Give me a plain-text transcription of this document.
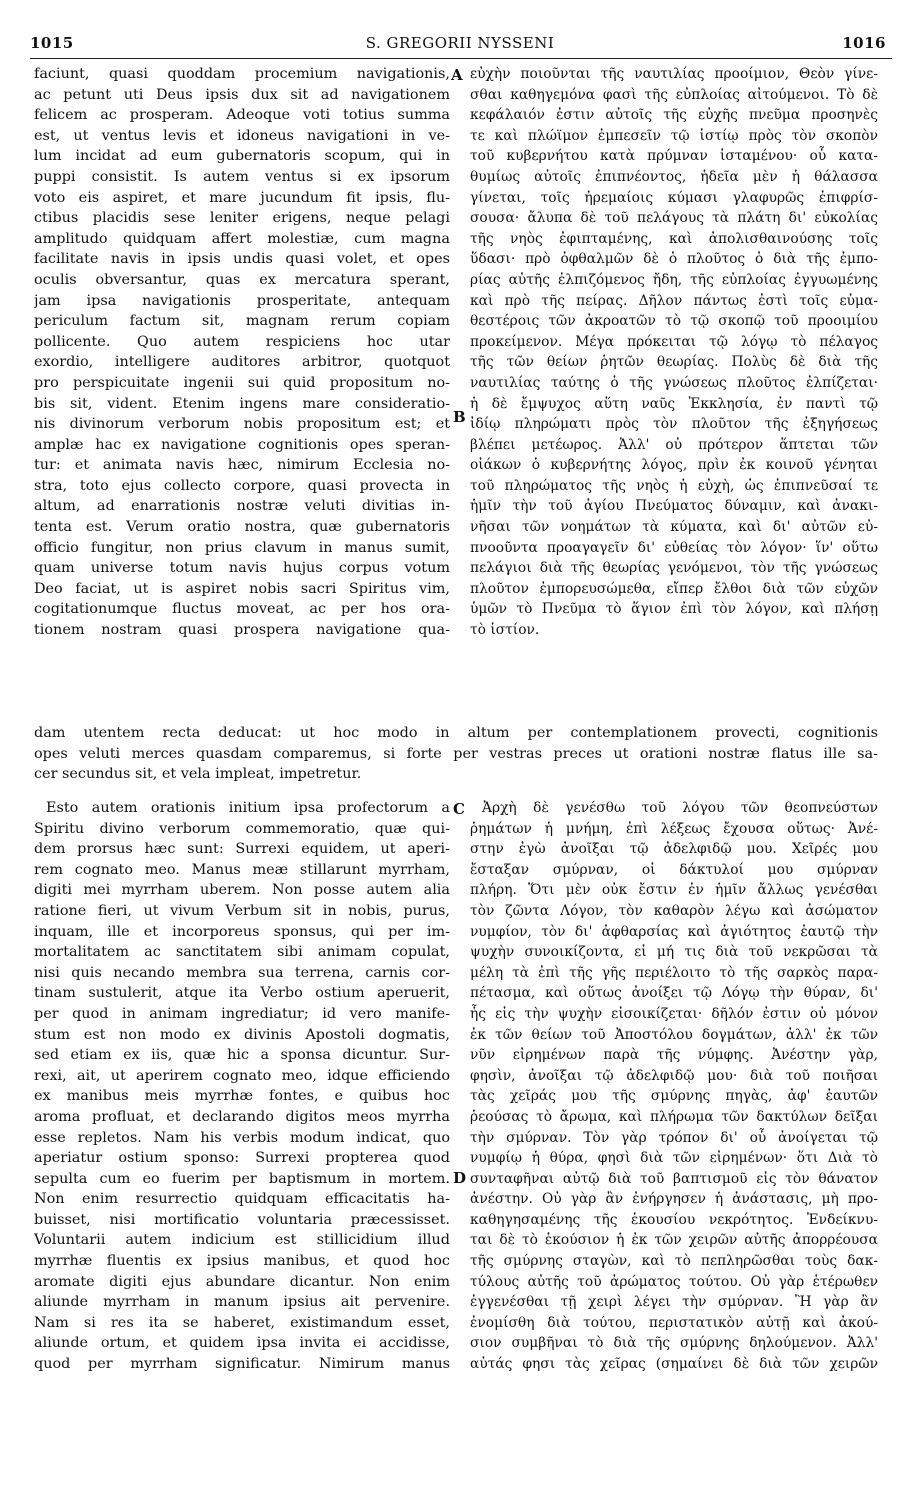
1015	S. GREGORII NYSSENI	1016
faciunt, quasi quoddam procemium navigationis,
ac petunt uti Deus ipsis dux sit ad navigationem
felicem ac prosperam. Adeoque voti totius summa
est, ut ventus levis et idoneus navigationi in ve-
lum incidat ad eum gubernatoris scopum, qui in
puppi consistit. Is autem ventus si ex ipsorum
voto eis aspiret, et mare jucundum fit ipsis, flu-
ctibus placidis sese leniter erigens, neque pelagi
amplitudo quidquam affert molestiæ, cum magna
facilitate navis in ipsis undis quasi volet, et opes
oculis obversantur, quas ex mercatura sperant,
jam ipsa navigationis prosperitate, antequam
periculum factum sit, magnam rerum copiam
pollicente. Quo autem respiciens hoc utar
exordio, intelligere auditores arbitror, quotquot
pro perspicuitate ingenii sui quid propositum no-
bis sit, vident. Etenim ingens mare consideratio-
nis divinorum verborum nobis propositum est; et
amplæ hac ex navigatione cognitionis opes speran-
tur: et animata navis hæc, nimirum Ecclesia no-
stra, toto ejus collecto corpore, quasi provecta in
altum, ad enarrationis nostræ veluti divitias in-
tenta est. Verum oratio nostra, quæ gubernatoris
officio fungitur, non prius clavum in manus sumit,
quam universe totum navis hujus corpus votum
Deo faciat, ut is aspiret nobis sacri Spiritus vim,
cogitationumque fluctus moveat, ac per hos ora-
tionem nostram quasi prospera navigatione qua-
εὐχὴν ποιοῦνται τῆς ναυτιλίας προοίμιον, Θεὸν γίνε-
σθαι καθηγεμόνα φασὶ τῆς εὐπλοίας αἰτούμενοι. Τὸ δὲ
κεφάλαιόν ἐστιν αὐτοῖς τῆς εὐχῆς πνεῦμα προσηνὲς
τε καὶ πλώϊμον ἐμπεσεῖν τῷ ἱστίῳ πρὸς τὸν σκοπὸν
τοῦ κυβερνήτου κατὰ πρύμναν ἱσταμένου· οὗ κατα-
θυμίως αὐτοῖς ἐπιπνέοντος, ἡδεῖα μὲν ἡ θάλασσα
γίνεται, τοῖς ἠρεμαίοις κύμασι γλαφυρῶς ἐπιφρίσ-
σουσα· ἄλυπα δὲ τοῦ πελάγους τὰ πλάτη δι' εὐκολίας
τῆς νηὸς ἐφιπταμένης, καὶ ἀπολισθαινούσης τοῖς
ὕδασι· πρὸ ὀφθαλμῶν δὲ ὁ πλοῦτος ὁ διὰ τῆς ἐμπο-
ρίας αὐτῆς ἐλπιζόμενος ἤδη, τῆς εὐπλοίας ἐγγυωμένης
καὶ πρὸ τῆς πείρας. Δῆλον πάντως ἐστὶ τοῖς εὐμα-
θεστέροις τῶν ἀκροατῶν τὸ τῷ σκοπῷ τοῦ προοιμίου
προκείμενον. Μέγα πρόκειται τῷ λόγῳ τὸ πέλαγος
τῆς τῶν θείων ῥητῶν θεωρίας. Πολὺς δὲ διὰ τῆς
ναυτιλίας ταύτης ὁ τῆς γνώσεως πλοῦτος ἐλπίζεται·
ἡ δὲ ἔμψυχος αὕτη ναῦς Ἐκκλησία, ἐν παντὶ τῷ
ἰδίῳ πληρώματι πρὸς τὸν πλοῦτον τῆς ἐξηγήσεως
βλέπει μετέωρος. Ἀλλ' οὐ πρότερον ἅπτεται τῶν
οἰάκων ὁ κυβερνήτης λόγος, πρὶν ἐκ κοινοῦ γένηται
τοῦ πληρώματος τῆς νηὸς ἡ εὐχὴ, ὡς ἐπιπνεῦσαί τε
ἡμῖν τὴν τοῦ ἁγίου Πνεύματος δύναμιν, καὶ ἀνακι-
νῆσαι τῶν νοημάτων τὰ κύματα, καὶ δι' αὐτῶν εὐ-
πνοοῦντα προαγαγεῖν δι' εὐθείας τὸν λόγον· ἵν' οὕτω
πελάγιοι διὰ τῆς θεωρίας γενόμενοι, τὸν τῆς γνώσεως
πλοῦτον ἐμπορευσώμεθα, εἴπερ ἔλθοι διὰ τῶν εὐχῶν
ὑμῶν τὸ Πνεῦμα τὸ ἅγιον ἐπὶ τὸν λόγον, καὶ πλήσῃ
τὸ ἱστίον.
dam utentem recta deducat: ut hoc modo in altum per contemplationem provecti, cognitionis
opes veluti merces quasdam comparemus, si forte per vestras preces ut orationi nostræ flatus ille sa-
cer secundus sit, et vela impleat, impetretur.
Esto autem orationis initium ipsa profectorum a
Spiritu divino verborum commemoratio, quæ qui-
dem prorsus hæc sunt: Surrexi equidem, ut aperi-
rem cognato meo. Manus meæ stillarunt myrrham,
digiti mei myrrham uberem. Non posse autem alia
ratione fieri, ut vivum Verbum sit in nobis, purus,
inquam, ille et incorporeus sponsus, qui per im-
mortalitatem ac sanctitatem sibi animam copulat,
nisi quis necando membra sua terrena, carnis cor-
tinam sustulerit, atque ita Verbo ostium aperuerit,
per quod in animam ingrediatur; id vero manife-
stum est non modo ex divinis Apostoli dogmatis,
sed etiam ex iis, quæ hic a sponsa dicuntur. Sur-
rexi, ait, ut aperirem cognato meo, idque efficiendo
ex manibus meis myrrhæ fontes, e quibus hoc
aroma profluat, et declarando digitos meos myrrha
esse repletos. Nam his verbis modum indicat, quo
aperiatur ostium sponso: Surrexi propterea quod
sepulta cum eo fuerim per baptismum in mortem.
Non enim resurrectio quidquam efficacitatis ha-
buisset, nisi mortificatio voluntaria præcessisset.
Voluntarii autem indicium est stillicidium illud
myrrhæ fluentis ex ipsius manibus, et quod hoc
aromate digiti ejus abundare dicantur. Non enim
aliunde myrrham in manum ipsius ait pervenire.
Nam si res ita se haberet, existimandum esset,
aliunde ortum, et quidem ipsa invita ei accidisse,
quod per myrrham significatur. Nimirum manus
Ἀρχὴ δὲ γενέσθω τοῦ λόγου τῶν θεοπνεύστων
ῥημάτων ἡ μνήμη, ἐπὶ λέξεως ἔχουσα οὕτως· Ἀνέ-
στην ἐγὼ ἀνοῖξαι τῷ ἀδελφιδῷ μου. Χεῖρές μου
ἔσταξαν σμύρναν, οἱ δάκτυλοί μου σμύρναν
πλήρη. Ὅτι μὲν οὐκ ἔστιν ἐν ἡμῖν ἄλλως γενέσθαι
τὸν ζῶντα Λόγον, τὸν καθαρὸν λέγω καὶ ἀσώματον
νυμφίον, τὸν δι' ἀφθαρσίας καὶ ἁγιότητος ἑαυτῷ τὴν
ψυχὴν συνοικίζοντα, εἰ μή τις διὰ τοῦ νεκρῶσαι τὰ
μέλη τὰ ἐπὶ τῆς γῆς περιέλοιτο τὸ τῆς σαρκὸς παρα-
πέτασμα, καὶ οὕτως ἀνοίξει τῷ Λόγῳ τὴν θύραν, δι'
ἧς εἰς τὴν ψυχὴν εἰσοικίζεται· δῆλόν ἐστιν οὐ μόνον
ἐκ τῶν θείων τοῦ Ἀποστόλου δογμάτων, ἀλλ' ἐκ τῶν
νῦν εἰρημένων παρὰ τῆς νύμφης. Ἀνέστην γὰρ,
φησὶν, ἀνοῖξαι τῷ ἀδελφιδῷ μου· διὰ τοῦ ποιῆσαι
τὰς χεῖράς μου τῆς σμύρνης πηγὰς, ἀφ' ἑαυτῶν
ῥεούσας τὸ ἄρωμα, καὶ πλήρωμα τῶν δακτύλων δεῖξαι
τὴν σμύρναν. Τὸν γὰρ τρόπον δι' οὗ ἀνοίγεται τῷ
νυμφίῳ ἡ θύρα, φησὶ διὰ τῶν εἰρημένων· ὅτι Διὰ τὸ
συνταφῆναι αὐτῷ διὰ τοῦ βαπτισμοῦ εἰς τὸν θάνατον
ἀνέστην. Οὐ γὰρ ἂν ἐνήργησεν ἡ ἀνάστασις, μὴ προ-
καθηγησαμένης τῆς ἑκουσίου νεκρότητος. Ἐνδείκνυ-
ται δὲ τὸ ἑκούσιον ἡ ἐκ τῶν χειρῶν αὐτῆς ἀπορρέουσα
τῆς σμύρνης σταγὼν, καὶ τὸ πεπληρῶσθαι τοὺς δακ-
τύλους αὐτῆς τοῦ ἀρώματος τούτου. Οὐ γὰρ ἑτέρωθεν
ἐγγενέσθαι τῇ χειρὶ λέγει τὴν σμύρναν. Ἢ γὰρ ἂν
ἐνομίσθη διὰ τούτου, περιστατικὸν αὐτῇ καὶ ἀκού-
σιον συμβῆναι τὸ διὰ τῆς σμύρνης δηλούμενον. Ἀλλ'
αὐτάς φησι τὰς χεῖρας (σημαίνει δὲ διὰ τῶν χειρῶν
A
B
C
D
